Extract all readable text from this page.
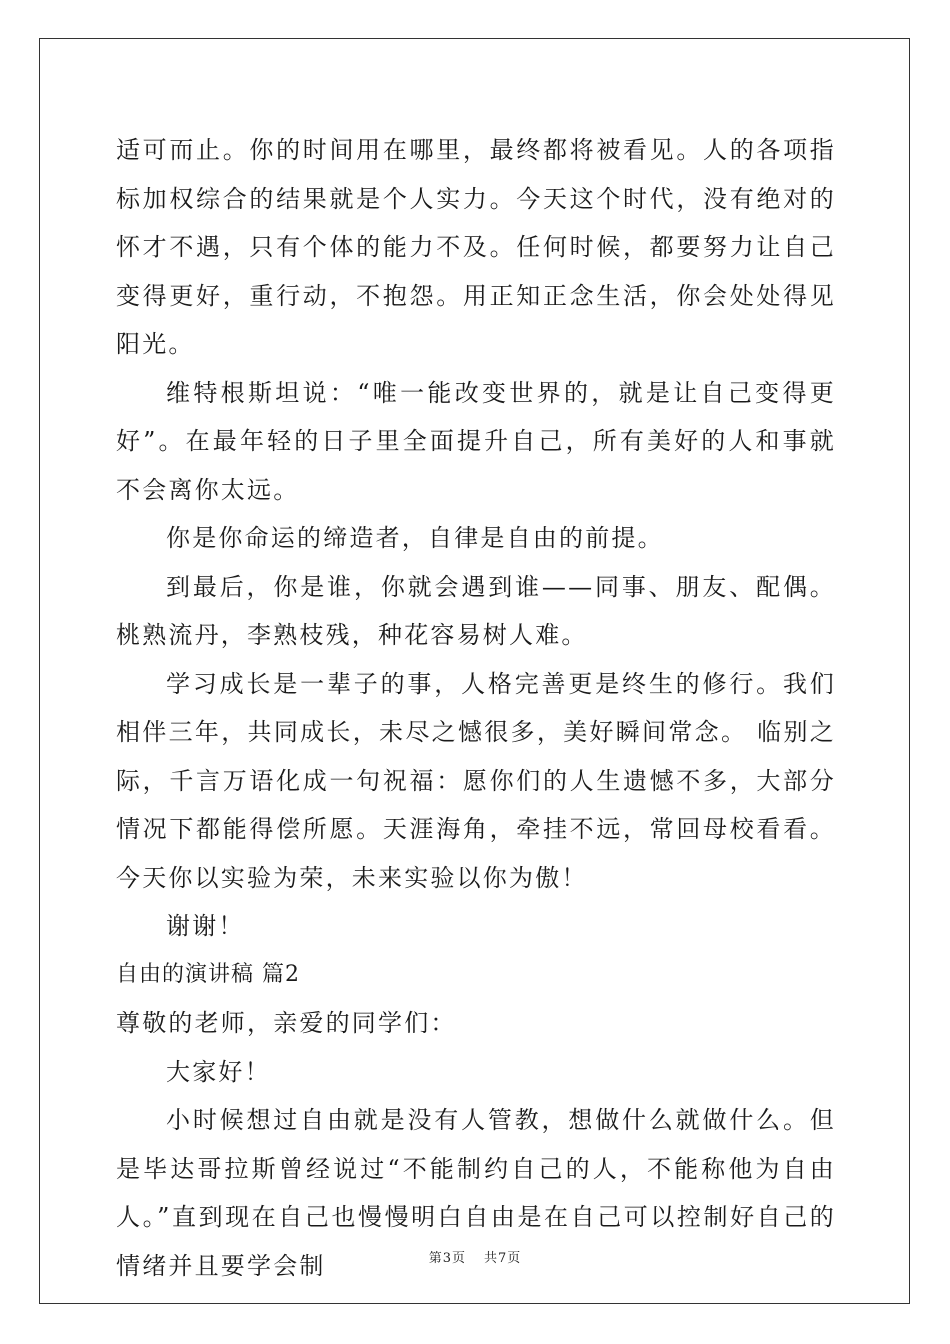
适可而止。你的时间用在哪里，最终都将被看见。人的各项指标加权综合的结果就是个人实力。今天这个时代，没有绝对的怀才不遇，只有个体的能力不及。任何时候，都要努力让自己变得更好，重行动，不抱怨。用正知正念生活，你会处处得见阳光。

维特根斯坦说：“唯一能改变世界的，就是让自己变得更好”。在最年轻的日子里全面提升自己，所有美好的人和事就不会离你太远。

你是你命运的缔造者，自律是自由的前提。

到最后，你是谁，你就会遇到谁——同事、朋友、配偶。桃熟流丹，李熟枝残，种花容易树人难。

学习成长是一辈子的事，人格完善更是终生的修行。我们相伴三年，共同成长，未尽之憾很多，美好瞬间常念。 临别之际，千言万语化成一句祝福：愿你们的人生遗憾不多，大部分情况下都能得偿所愿。天涯海角，牵挂不远，常回母校看看。今天你以实验为荣，未来实验以你为傲！

谢谢！

自由的演讲稿 篇2

尊敬的老师，亲爱的同学们：

大家好！

小时候想过自由就是没有人管教，想做什么就做什么。但是毕达哥拉斯曾经说过“不能制约自己的人，不能称他为自由人。”直到现在自己也慢慢明白自由是在自己可以控制好自己的情绪并且要学会制	第3页 共7页
